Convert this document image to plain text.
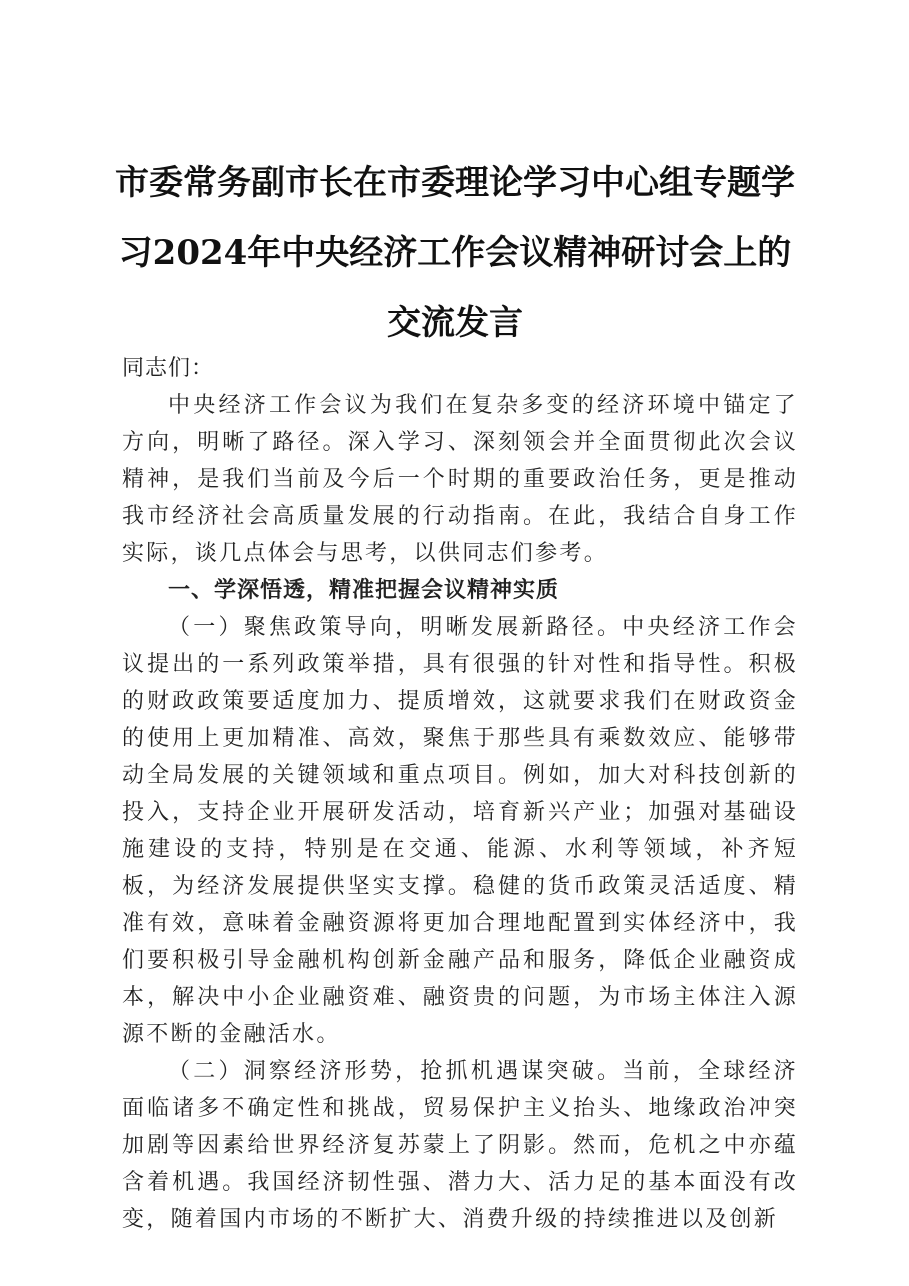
市委常务副市长在市委理论学习中心组专题学
习2024年中央经济工作会议精神研讨会上的
交流发言

同志们：

中央经济工作会议为我们在复杂多变的经济环境中锚定了方向，明晰了路径。深入学习、深刻领会并全面贯彻此次会议精神，是我们当前及今后一个时期的重要政治任务，更是推动我市经济社会高质量发展的行动指南。在此，我结合自身工作实际，谈几点体会与思考，以供同志们参考。

一、学深悟透，精准把握会议精神实质

（一）聚焦政策导向，明晰发展新路径。中央经济工作会议提出的一系列政策举措，具有很强的针对性和指导性。积极的财政政策要适度加力、提质增效，这就要求我们在财政资金的使用上更加精准、高效，聚焦于那些具有乘数效应、能够带动全局发展的关键领域和重点项目。例如，加大对科技创新的投入，支持企业开展研发活动，培育新兴产业；加强对基础设施建设的支持，特别是在交通、能源、水利等领域，补齐短板，为经济发展提供坚实支撑。稳健的货币政策灵活适度、精准有效，意味着金融资源将更加合理地配置到实体经济中，我们要积极引导金融机构创新金融产品和服务，降低企业融资成本，解决中小企业融资难、融资贵的问题，为市场主体注入源源不断的金融活水。

（二）洞察经济形势，抢抓机遇谋突破。当前，全球经济面临诸多不确定性和挑战，贸易保护主义抬头、地缘政治冲突加剧等因素给世界经济复苏蒙上了阴影。然而，危机之中亦蕴含着机遇。我国经济韧性强、潜力大、活力足的基本面没有改变，随着国内市场的不断扩大、消费升级的持续推进以及创新
